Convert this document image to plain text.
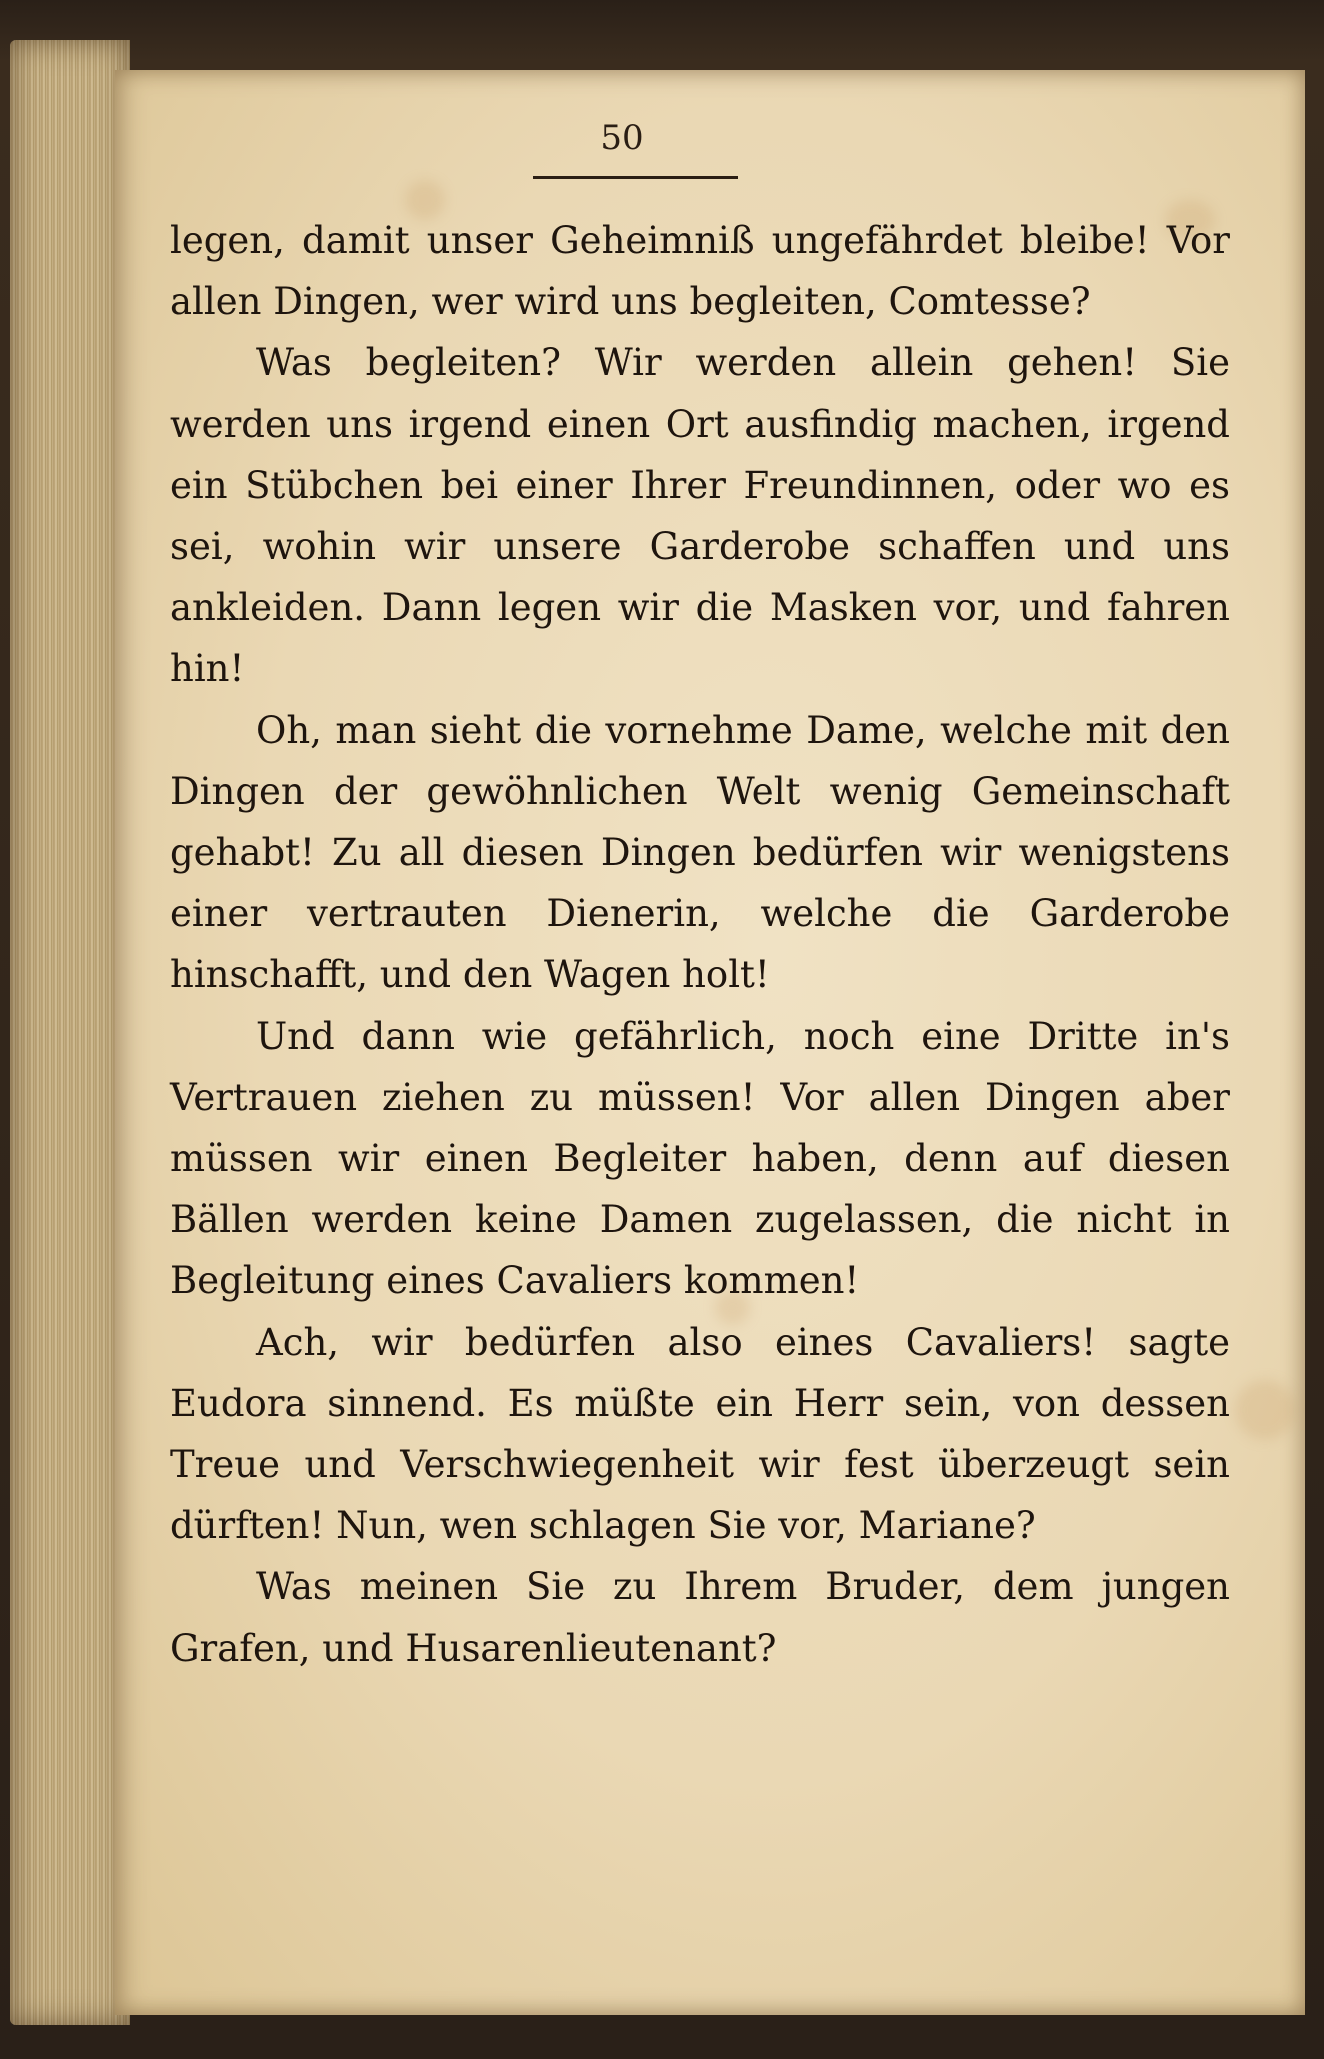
50

legen, damit unser Geheimniß ungefährdet bleibe! Vor allen Dingen, wer wird uns begleiten, Comtesse?

Was begleiten? Wir werden allein gehen! Sie werden uns irgend einen Ort ausfindig machen, irgend ein Stübchen bei einer Ihrer Freundinnen, oder wo es sei, wohin wir unsere Garderobe schaffen und uns ankleiden. Dann legen wir die Masken vor, und fahren hin!

Oh, man sieht die vornehme Dame, welche mit den Dingen der gewöhnlichen Welt wenig Gemeinschaft gehabt! Zu all diesen Dingen bedürfen wir wenigstens einer vertrauten Dienerin, welche die Garderobe hinschafft, und den Wagen holt!

Und dann wie gefährlich, noch eine Dritte in's Vertrauen ziehen zu müssen! Vor allen Dingen aber müssen wir einen Begleiter haben, denn auf diesen Bällen werden keine Damen zugelassen, die nicht in Begleitung eines Cavaliers kommen!

Ach, wir bedürfen also eines Cavaliers! sagte Eudora sinnend. Es müßte ein Herr sein, von dessen Treue und Verschwiegenheit wir fest überzeugt sein dürften! Nun, wen schlagen Sie vor, Mariane?

Was meinen Sie zu Ihrem Bruder, dem jungen Grafen, und Husarenlieutenant?
